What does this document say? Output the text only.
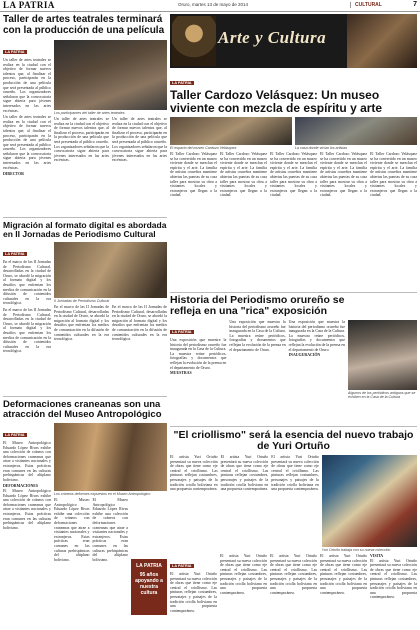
LA PATRIA	Oruro, martes 13 de mayo de 2014	CULTURAL	7
Taller de artes teatrales terminará con la producción de una película
LA PATRIA
Un taller de artes teatrales se realiza en la ciudad con el objetivo de formar nuevos talentos que, al finalizar el proceso, participarán en la producción de una película que será presentada al público orureño. Los organizadores señalaron que la convocatoria sigue abierta para jóvenes interesados en las artes escénicas.
Un taller de artes teatrales se realiza en la ciudad con el objetivo de formar nuevos talentos que, al finalizar el proceso, participarán en la producción de una película que será presentada al público orureño. Los organizadores señalaron que la convocatoria sigue abierta para jóvenes interesados en las artes escénicas.
DIRECTOR
Los participantes del taller de artes teatrales
Un taller de artes teatrales se realiza en la ciudad con el objetivo de formar nuevos talentos que, al finalizar el proceso, participarán en la producción de una película que será presentada al público orureño. Los organizadores señalaron que la convocatoria sigue abierta para jóvenes interesados en las artes escénicas.
Un taller de artes teatrales se realiza en la ciudad con el objetivo de formar nuevos talentos que, al finalizar el proceso, participarán en la producción de una película que será presentada al público orureño. Los organizadores señalaron que la convocatoria sigue abierta para jóvenes interesados en las artes escénicas.
Migración al formato digital es abordada en II Jornadas de Periodismo Cultural
LA PATRIA
En el marco de las II Jornadas de Periodismo Cultural, desarrolladas en la ciudad de Oruro, se abordó la migración al formato digital y los desafíos que enfrentan los medios de comunicación en la difusión de contenidos culturales en la era tecnológica.
En el marco de las II Jornadas de Periodismo Cultural, desarrolladas en la ciudad de Oruro, se abordó la migración al formato digital y los desafíos que enfrentan los medios de comunicación en la difusión de contenidos culturales en la era tecnológica.
II Jornadas de Periodismo Cultural
En el marco de las II Jornadas de Periodismo Cultural, desarrolladas en la ciudad de Oruro, se abordó la migración al formato digital y los desafíos que enfrentan los medios de comunicación en la difusión de contenidos culturales en la era tecnológica.
En el marco de las II Jornadas de Periodismo Cultural, desarrolladas en la ciudad de Oruro, se abordó la migración al formato digital y los desafíos que enfrentan los medios de comunicación en la difusión de contenidos culturales en la era tecnológica.
Deformaciones craneanas son una atracción del Museo Antropológico
LA PATRIA
El Museo Antropológico Eduardo López Rivas exhibe una colección de cráneos con deformaciones craneanas que atrae a visitantes nacionales y extranjeros. Estas prácticas eran comunes en las culturas prehispánicas del altiplano boliviano.
DEFORMACIONES
El Museo Antropológico Eduardo López Rivas exhibe una colección de cráneos con deformaciones craneanas que atrae a visitantes nacionales y extranjeros. Estas prácticas eran comunes en las culturas prehispánicas del altiplano boliviano.
Los cráneos deformes expuestos en el Museo Antropológico
El Museo Antropológico Eduardo López Rivas exhibe una colección de cráneos con deformaciones craneanas que atrae a visitantes nacionales y extranjeros. Estas prácticas eran comunes en las culturas prehispánicas del altiplano boliviano.
El Museo Antropológico Eduardo López Rivas exhibe una colección de cráneos con deformaciones craneanas que atrae a visitantes nacionales y extranjeros. Estas prácticas eran comunes en las culturas prehispánicas del altiplano boliviano.
LA PATRIA
95 años apoyando a nuestra cultura
Arte y Cultura
LA PATRIA
Taller Cardozo Velásquez: Un museo viviente con mezcla de espíritu y arte
El espacio del museo Cardozo Velásquez	La casa donde vivían los artistas
El Taller Cardozo Velásquez se ha convertido en un museo viviente donde se mezclan el espíritu y el arte. La familia de artistas orureños mantiene abiertas las puertas de su casa taller para mostrar su obra a visitantes locales y extranjeros que llegan a la ciudad.
El Taller Cardozo Velásquez se ha convertido en un museo viviente donde se mezclan el espíritu y el arte. La familia de artistas orureños mantiene abiertas las puertas de su casa taller para mostrar su obra a visitantes locales y extranjeros que llegan a la ciudad.
El Taller Cardozo Velásquez se ha convertido en un museo viviente donde se mezclan el espíritu y el arte. La familia de artistas orureños mantiene abiertas las puertas de su casa taller para mostrar su obra a visitantes locales y extranjeros que llegan a la ciudad.
El Taller Cardozo Velásquez se ha convertido en un museo viviente donde se mezclan el espíritu y el arte. La familia de artistas orureños mantiene abiertas las puertas de su casa taller para mostrar su obra a visitantes locales y extranjeros que llegan a la ciudad.
El Taller Cardozo Velásquez se ha convertido en un museo viviente donde se mezclan el espíritu y el arte. La familia de artistas orureños mantiene abiertas las puertas de su casa taller para mostrar su obra a visitantes locales y extranjeros que llegan a la ciudad.
Historia del Periodismo orureño se refleja en una "rica" exposición
LA PATRIA
Una exposición que muestra la historia del periodismo orureño fue inaugurada en la Casa de la Cultura. La muestra reúne periódicos, fotografías y documentos que reflejan la evolución de la prensa en el departamento de Oruro.
MUESTRAS
Una exposición que muestra la historia del periodismo orureño fue inaugurada en la Casa de la Cultura. La muestra reúne periódicos, fotografías y documentos que reflejan la evolución de la prensa en el departamento de Oruro.
Una exposición que muestra la historia del periodismo orureño fue inaugurada en la Casa de la Cultura. La muestra reúne periódicos, fotografías y documentos que reflejan la evolución de la prensa en el departamento de Oruro.
INAUGURACIÓN
Algunos de los periódicos antiguos que se exhiben en la Casa de la Cultura
"El criollismo" será la esencia del nuevo trabajo de Yuri Ortuño
El artista Yuri Ortuño presentará su nueva colección de obras que tiene como eje central el criollismo. Las pinturas reflejan costumbres, personajes y paisajes de la tradición criolla boliviana en una propuesta contemporánea.
El artista Yuri Ortuño presentará su nueva colección de obras que tiene como eje central el criollismo. Las pinturas reflejan costumbres, personajes y paisajes de la tradición criolla boliviana en una propuesta contemporánea.
El artista Yuri Ortuño presentará su nueva colección de obras que tiene como eje central el criollismo. Las pinturas reflejan costumbres, personajes y paisajes de la tradición criolla boliviana en una propuesta contemporánea.
Yuri Ortuño trabaja con su nueva colección
LA PATRIA
El artista Yuri Ortuño presentará su nueva colección de obras que tiene como eje central el criollismo. Las pinturas reflejan costumbres, personajes y paisajes de la tradición criolla boliviana en una propuesta contemporánea.
El artista Yuri Ortuño presentará su nueva colección de obras que tiene como eje central el criollismo. Las pinturas reflejan costumbres, personajes y paisajes de la tradición criolla boliviana en una propuesta contemporánea.
El artista Yuri Ortuño presentará su nueva colección de obras que tiene como eje central el criollismo. Las pinturas reflejan costumbres, personajes y paisajes de la tradición criolla boliviana en una propuesta contemporánea.
El artista Yuri Ortuño presentará su nueva colección de obras que tiene como eje central el criollismo. Las pinturas reflejan costumbres, personajes y paisajes de la tradición criolla boliviana en una propuesta contemporánea.
VISITA
El artista Yuri Ortuño presentará su nueva colección de obras que tiene como eje central el criollismo. Las pinturas reflejan costumbres, personajes y paisajes de la tradición criolla boliviana en una propuesta contemporánea.
